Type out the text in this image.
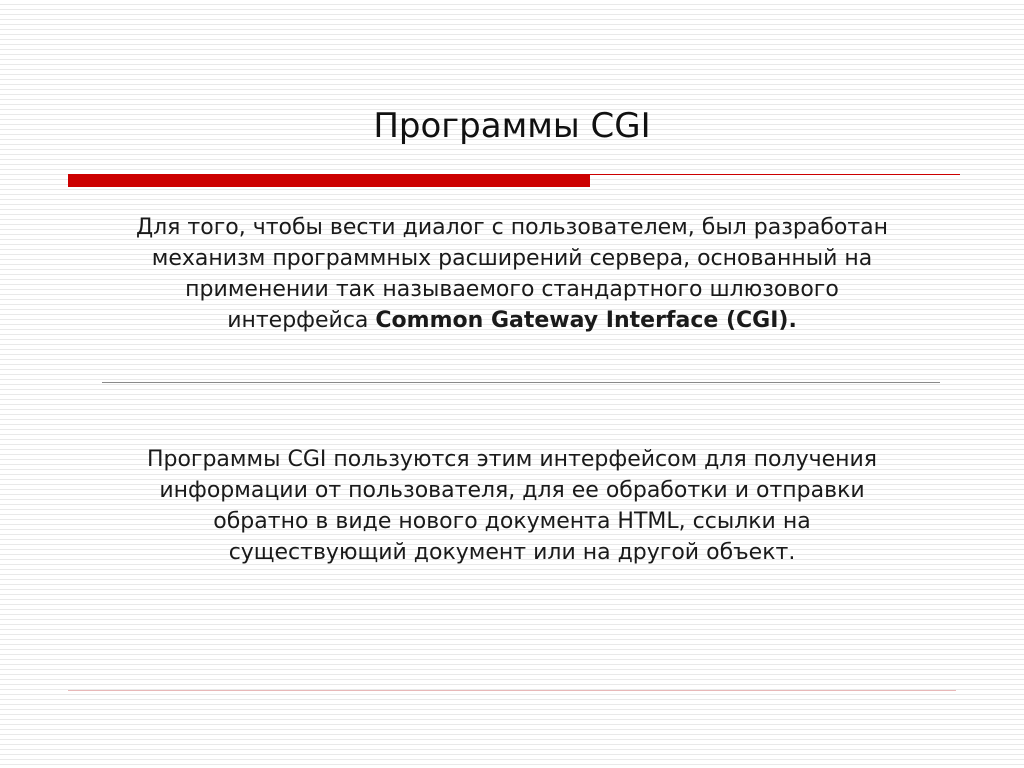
Программы CGI

Для того, чтобы вести диалог с пользователем, был разработан
механизм программных расширений сервера, основанный на
применении так называемого стандартного шлюзового
интерфейса Common Gateway Interface (CGI).

Программы CGI пользуются этим интерфейсом для получения
информации от пользователя, для ее обработки и отправки
обратно в виде нового документа HTML, ссылки на
существующий документ или на другой объект.
